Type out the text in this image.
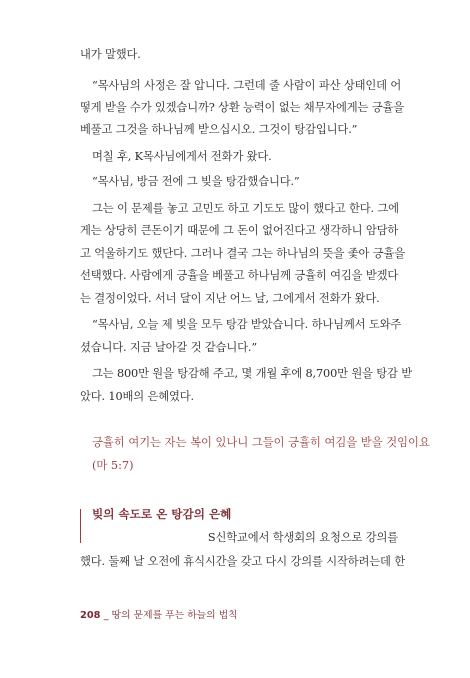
내가 말했다.
“목사님의 사정은 잘 압니다. 그런데 줄 사람이 파산 상태인데 어
떻게 받을 수가 있겠습니까? 상환 능력이 없는 채무자에게는 긍휼을
베풀고 그것을 하나님께 받으십시오. 그것이 탕감입니다.”
며칠 후, K목사님에게서 전화가 왔다.
“목사님, 방금 전에 그 빚을 탕감했습니다.”
그는 이 문제를 놓고 고민도 하고 기도도 많이 했다고 한다. 그에
게는 상당히 큰돈이기 때문에 그 돈이 없어진다고 생각하니 암담하
고 억울하기도 했단다. 그러나 결국 그는 하나님의 뜻을 좇아 긍휼을
선택했다. 사람에게 긍휼을 베풀고 하나님께 긍휼히 여김을 받겠다
는 결정이었다. 서너 달이 지난 어느 날, 그에게서 전화가 왔다.
“목사님, 오늘 제 빚을 모두 탕감 받았습니다. 하나님께서 도와주
셨습니다. 지금 날아갈 것 같습니다.”
그는 800만 원을 탕감해 주고, 몇 개월 후에 8,700만 원을 탕감 받
았다. 10배의 은혜였다.
긍휼히 여기는 자는 복이 있나니 그들이 긍휼히 여김을 받을 것임이요
(마 5:7)
빚의 속도로 온 탕감의 은혜
S신학교에서 학생회의 요청으로 강의를
했다. 둘째 날 오전에 휴식시간을 갖고 다시 강의를 시작하려는데 한
208 _ 땅의 문제를 푸는 하늘의 법칙
